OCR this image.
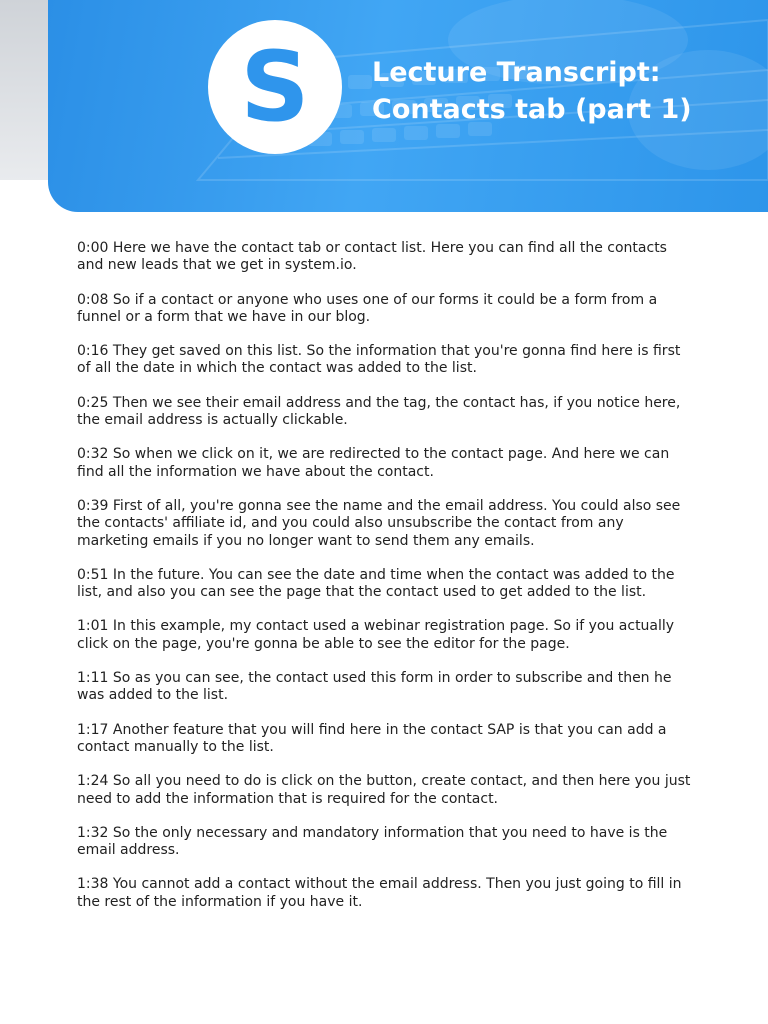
S	Lecture Transcript:
Contacts tab (part 1)

0:00 Here we have the contact tab or contact list. Here you can find all the contacts and new leads that we get in system.io.

0:08 So if a contact or anyone who uses one of our forms it could be a form from a funnel or a form that we have in our blog.

0:16 They get saved on this list. So the information that you're gonna find here is first of all the date in which the contact was added to the list.

0:25 Then we see their email address and the tag, the contact has, if you notice here, the email address is actually clickable.

0:32 So when we click on it, we are redirected to the contact page. And here we can find all the information we have about the contact.

0:39 First of all, you're gonna see the name and the email address. You could also see the contacts' affiliate id, and you could also unsubscribe the contact from any marketing emails if you no longer want to send them any emails.

0:51 In the future. You can see the date and time when the contact was added to the list, and also you can see the page that the contact used to get added to the list.

1:01 In this example, my contact used a webinar registration page. So if you actually click on the page, you're gonna be able to see the editor for the page.

1:11 So as you can see, the contact used this form in order to subscribe and then he was added to the list.

1:17 Another feature that you will find here in the contact SAP is that you can add a contact manually to the list.

1:24 So all you need to do is click on the button, create contact, and then here you just need to add the information that is required for the contact.

1:32 So the only necessary and mandatory information that you need to have is the email address.

1:38 You cannot add a contact without the email address. Then you just going to fill in the rest of the information if you have it.
